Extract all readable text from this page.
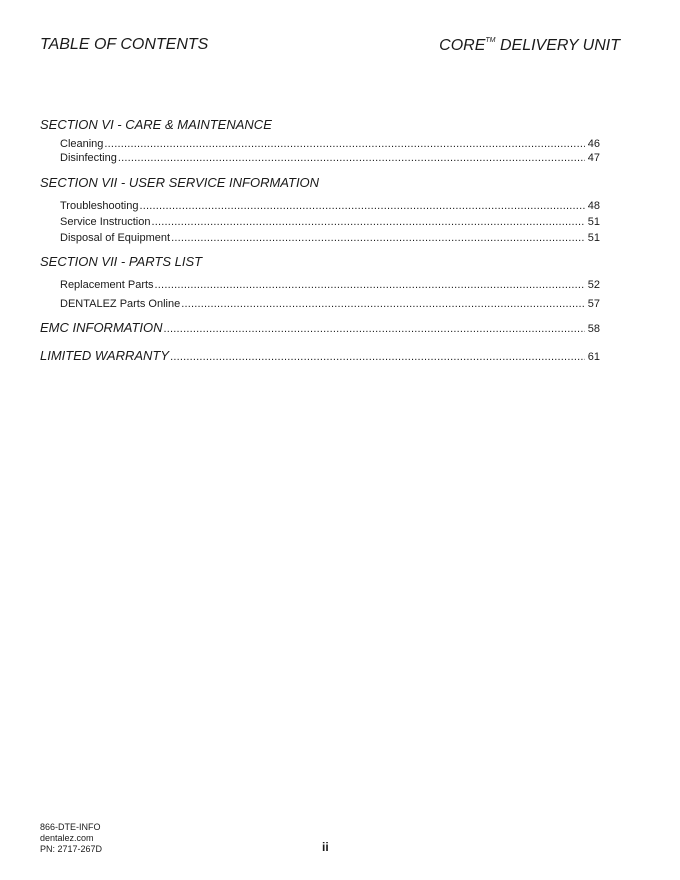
TABLE OF CONTENTS	CORE™ DELIVERY UNIT
SECTION VI - CARE & MAINTENANCE
Cleaning .....	46
Disinfecting .....	47
SECTION VII - USER SERVICE INFORMATION
Troubleshooting .....	48
Service Instruction .....	51
Disposal of Equipment .....	51
SECTION VII - PARTS LIST
Replacement Parts .....	52
DENTALEZ Parts Online .....	57
EMC INFORMATION .....	58
LIMITED WARRANTY .....	61
866-DTE-INFO
dentalez.com
PN: 2717-267D	ii
